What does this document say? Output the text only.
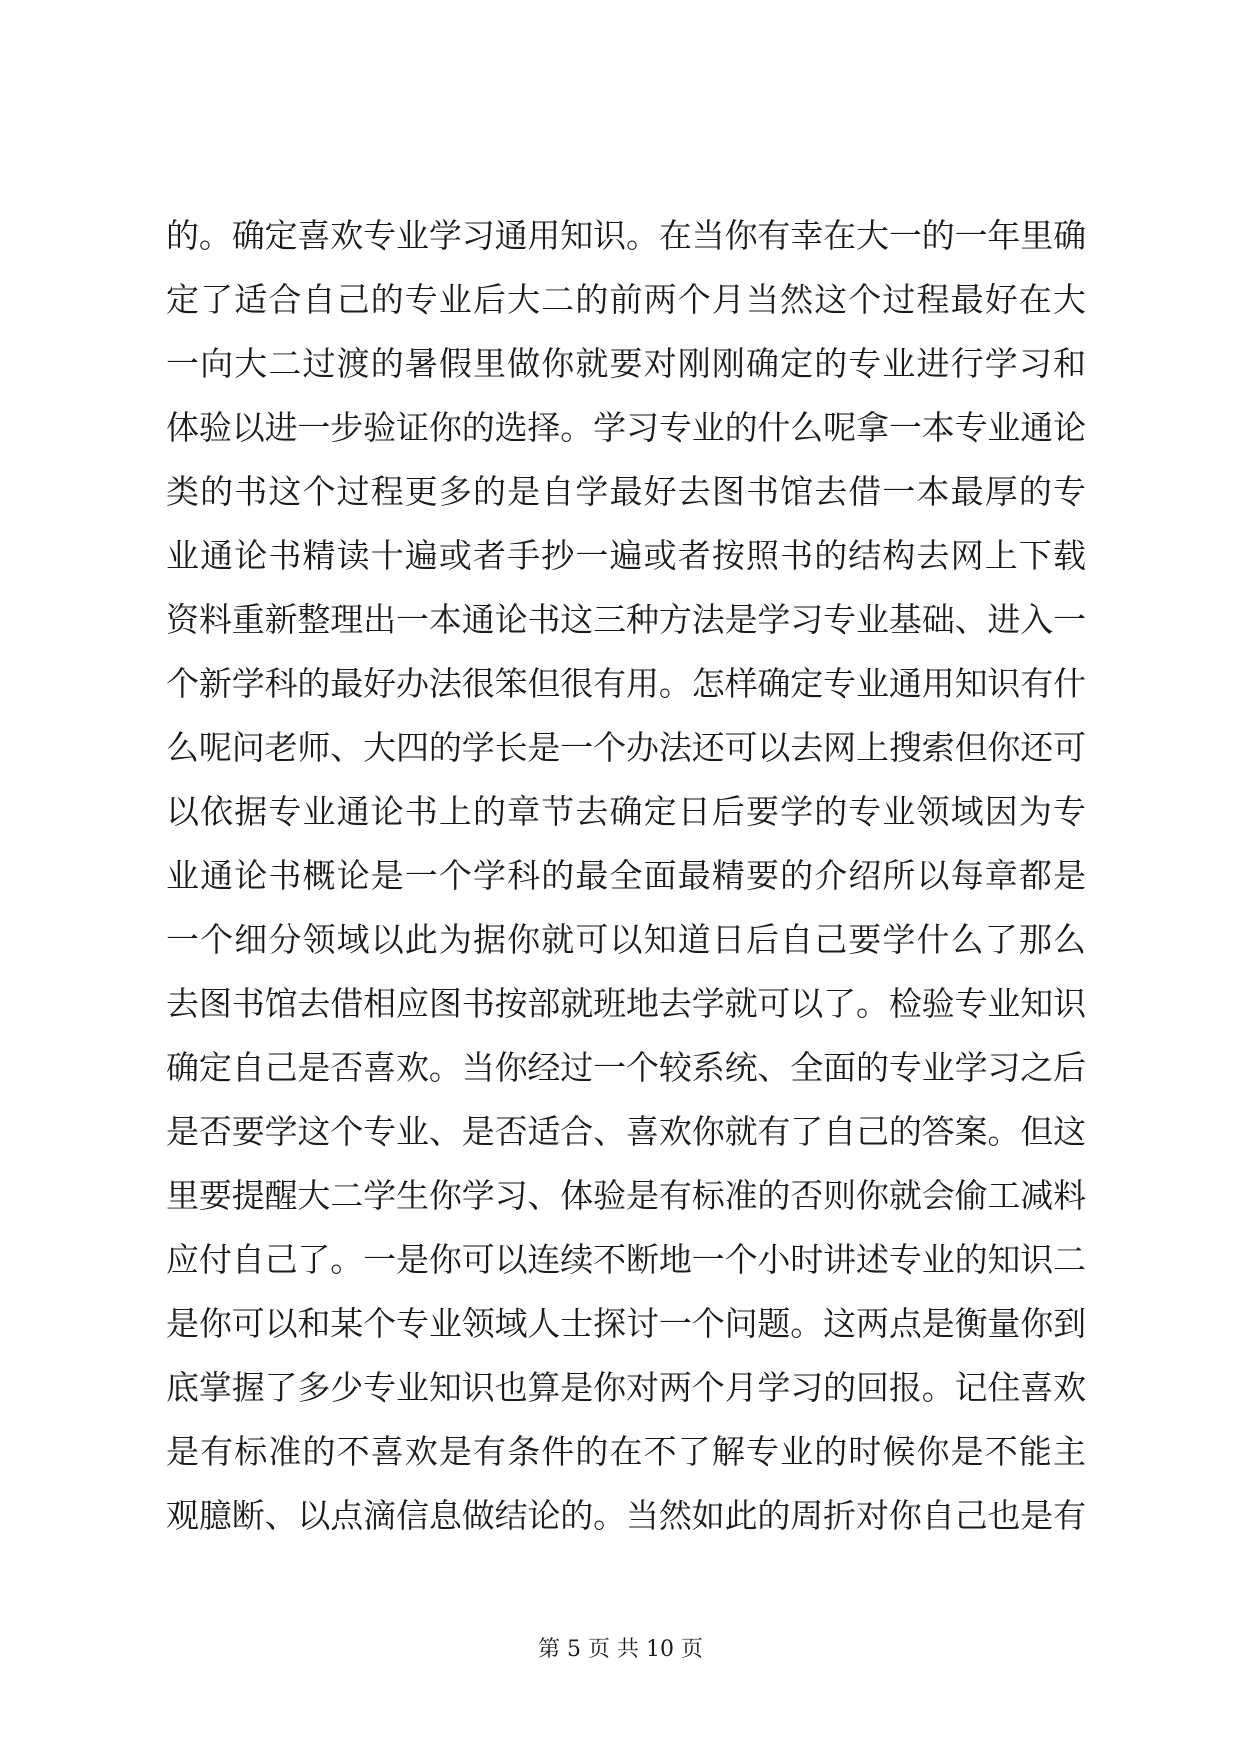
的。确定喜欢专业学习通用知识。在当你有幸在大一的一年里确
定了适合自己的专业后大二的前两个月当然这个过程最好在大
一向大二过渡的暑假里做你就要对刚刚确定的专业进行学习和
体验以进一步验证你的选择。学习专业的什么呢拿一本专业通论
类的书这个过程更多的是自学最好去图书馆去借一本最厚的专
业通论书精读十遍或者手抄一遍或者按照书的结构去网上下载
资料重新整理出一本通论书这三种方法是学习专业基础、进入一
个新学科的最好办法很笨但很有用。怎样确定专业通用知识有什
么呢问老师、大四的学长是一个办法还可以去网上搜索但你还可
以依据专业通论书上的章节去确定日后要学的专业领域因为专
业通论书概论是一个学科的最全面最精要的介绍所以每章都是
一个细分领域以此为据你就可以知道日后自己要学什么了那么
去图书馆去借相应图书按部就班地去学就可以了。检验专业知识
确定自己是否喜欢。当你经过一个较系统、全面的专业学习之后
是否要学这个专业、是否适合、喜欢你就有了自己的答案。但这
里要提醒大二学生你学习、体验是有标准的否则你就会偷工减料
应付自己了。一是你可以连续不断地一个小时讲述专业的知识二
是你可以和某个专业领域人士探讨一个问题。这两点是衡量你到
底掌握了多少专业知识也算是你对两个月学习的回报。记住喜欢
是有标准的不喜欢是有条件的在不了解专业的时候你是不能主
观臆断、以点滴信息做结论的。当然如此的周折对你自己也是有
第 5 页 共 10 页
